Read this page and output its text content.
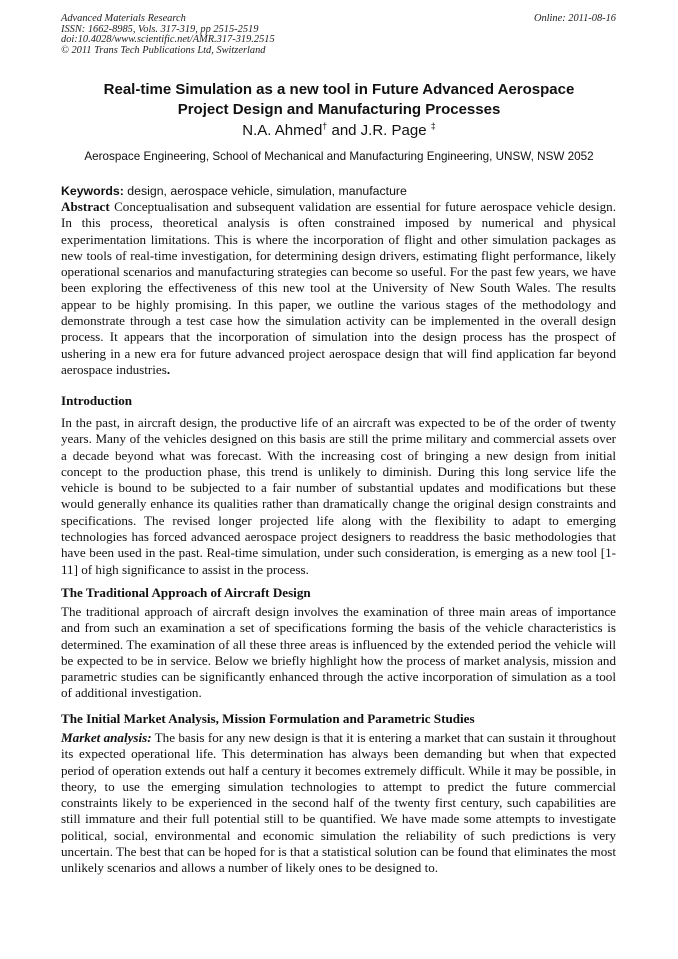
Advanced Materials Research
ISSN: 1662-8985, Vols. 317-319, pp 2515-2519
doi:10.4028/www.scientific.net/AMR.317-319.2515
© 2011 Trans Tech Publications Ltd, Switzerland
Online: 2011-08-16
Real-time Simulation as a new tool in Future Advanced Aerospace
Project Design and Manufacturing Processes
N.A. Ahmed† and J.R. Page ‡
Aerospace Engineering, School of Mechanical and Manufacturing Engineering, UNSW, NSW 2052
Keywords: design, aerospace vehicle, simulation, manufacture
Abstract Conceptualisation and subsequent validation are essential for future aerospace vehicle design. In this process, theoretical analysis is often constrained imposed by numerical and physical experimentation limitations. This is where the incorporation of flight and other simulation packages as new tools of real-time investigation, for determining design drivers, estimating flight performance, likely operational scenarios and manufacturing strategies can become so useful. For the past few years, we have been exploring the effectiveness of this new tool at the University of New South Wales. The results appear to be highly promising. In this paper, we outline the various stages of the methodology and demonstrate through a test case how the simulation activity can be implemented in the overall design process. It appears that the incorporation of simulation into the design process has the prospect of ushering in a new era for future advanced project aerospace design that will find application far beyond aerospace industries.
Introduction
In the past, in aircraft design, the productive life of an aircraft was expected to be of the order of twenty years. Many of the vehicles designed on this basis are still the prime military and commercial assets over a decade beyond what was forecast. With the increasing cost of bringing a new design from initial concept to the production phase, this trend is unlikely to diminish. During this long service life the vehicle is bound to be subjected to a fair number of substantial updates and modifications but these would generally enhance its qualities rather than dramatically change the original design constraints and specifications. The revised longer projected life along with the flexibility to adapt to emerging technologies has forced advanced aerospace project designers to readdress the basic methodologies that have been used in the past. Real-time simulation, under such consideration, is emerging as a new tool [1-11] of high significance to assist in the process.
The Traditional Approach of Aircraft Design
The traditional approach of aircraft design involves the examination of three main areas of importance and from such an examination a set of specifications forming the basis of the vehicle characteristics is determined. The examination of all these three areas is influenced by the extended period the vehicle will be expected to be in service. Below we briefly highlight how the process of market analysis, mission and parametric studies can be significantly enhanced through the active incorporation of simulation as a tool of additional investigation.
The Initial Market Analysis, Mission Formulation and Parametric Studies
Market analysis: The basis for any new design is that it is entering a market that can sustain it throughout its expected operational life. This determination has always been demanding but when that expected period of operation extends out half a century it becomes extremely difficult. While it may be possible, in theory, to use the emerging simulation technologies to attempt to predict the future commercial constraints likely to be experienced in the second half of the twenty first century, such capabilities are still immature and their full potential still to be quantified. We have made some attempts to investigate political, social, environmental and economic simulation the reliability of such predictions is very uncertain. The best that can be hoped for is that a statistical solution can be found that eliminates the most unlikely scenarios and allows a number of likely ones to be designed to.
